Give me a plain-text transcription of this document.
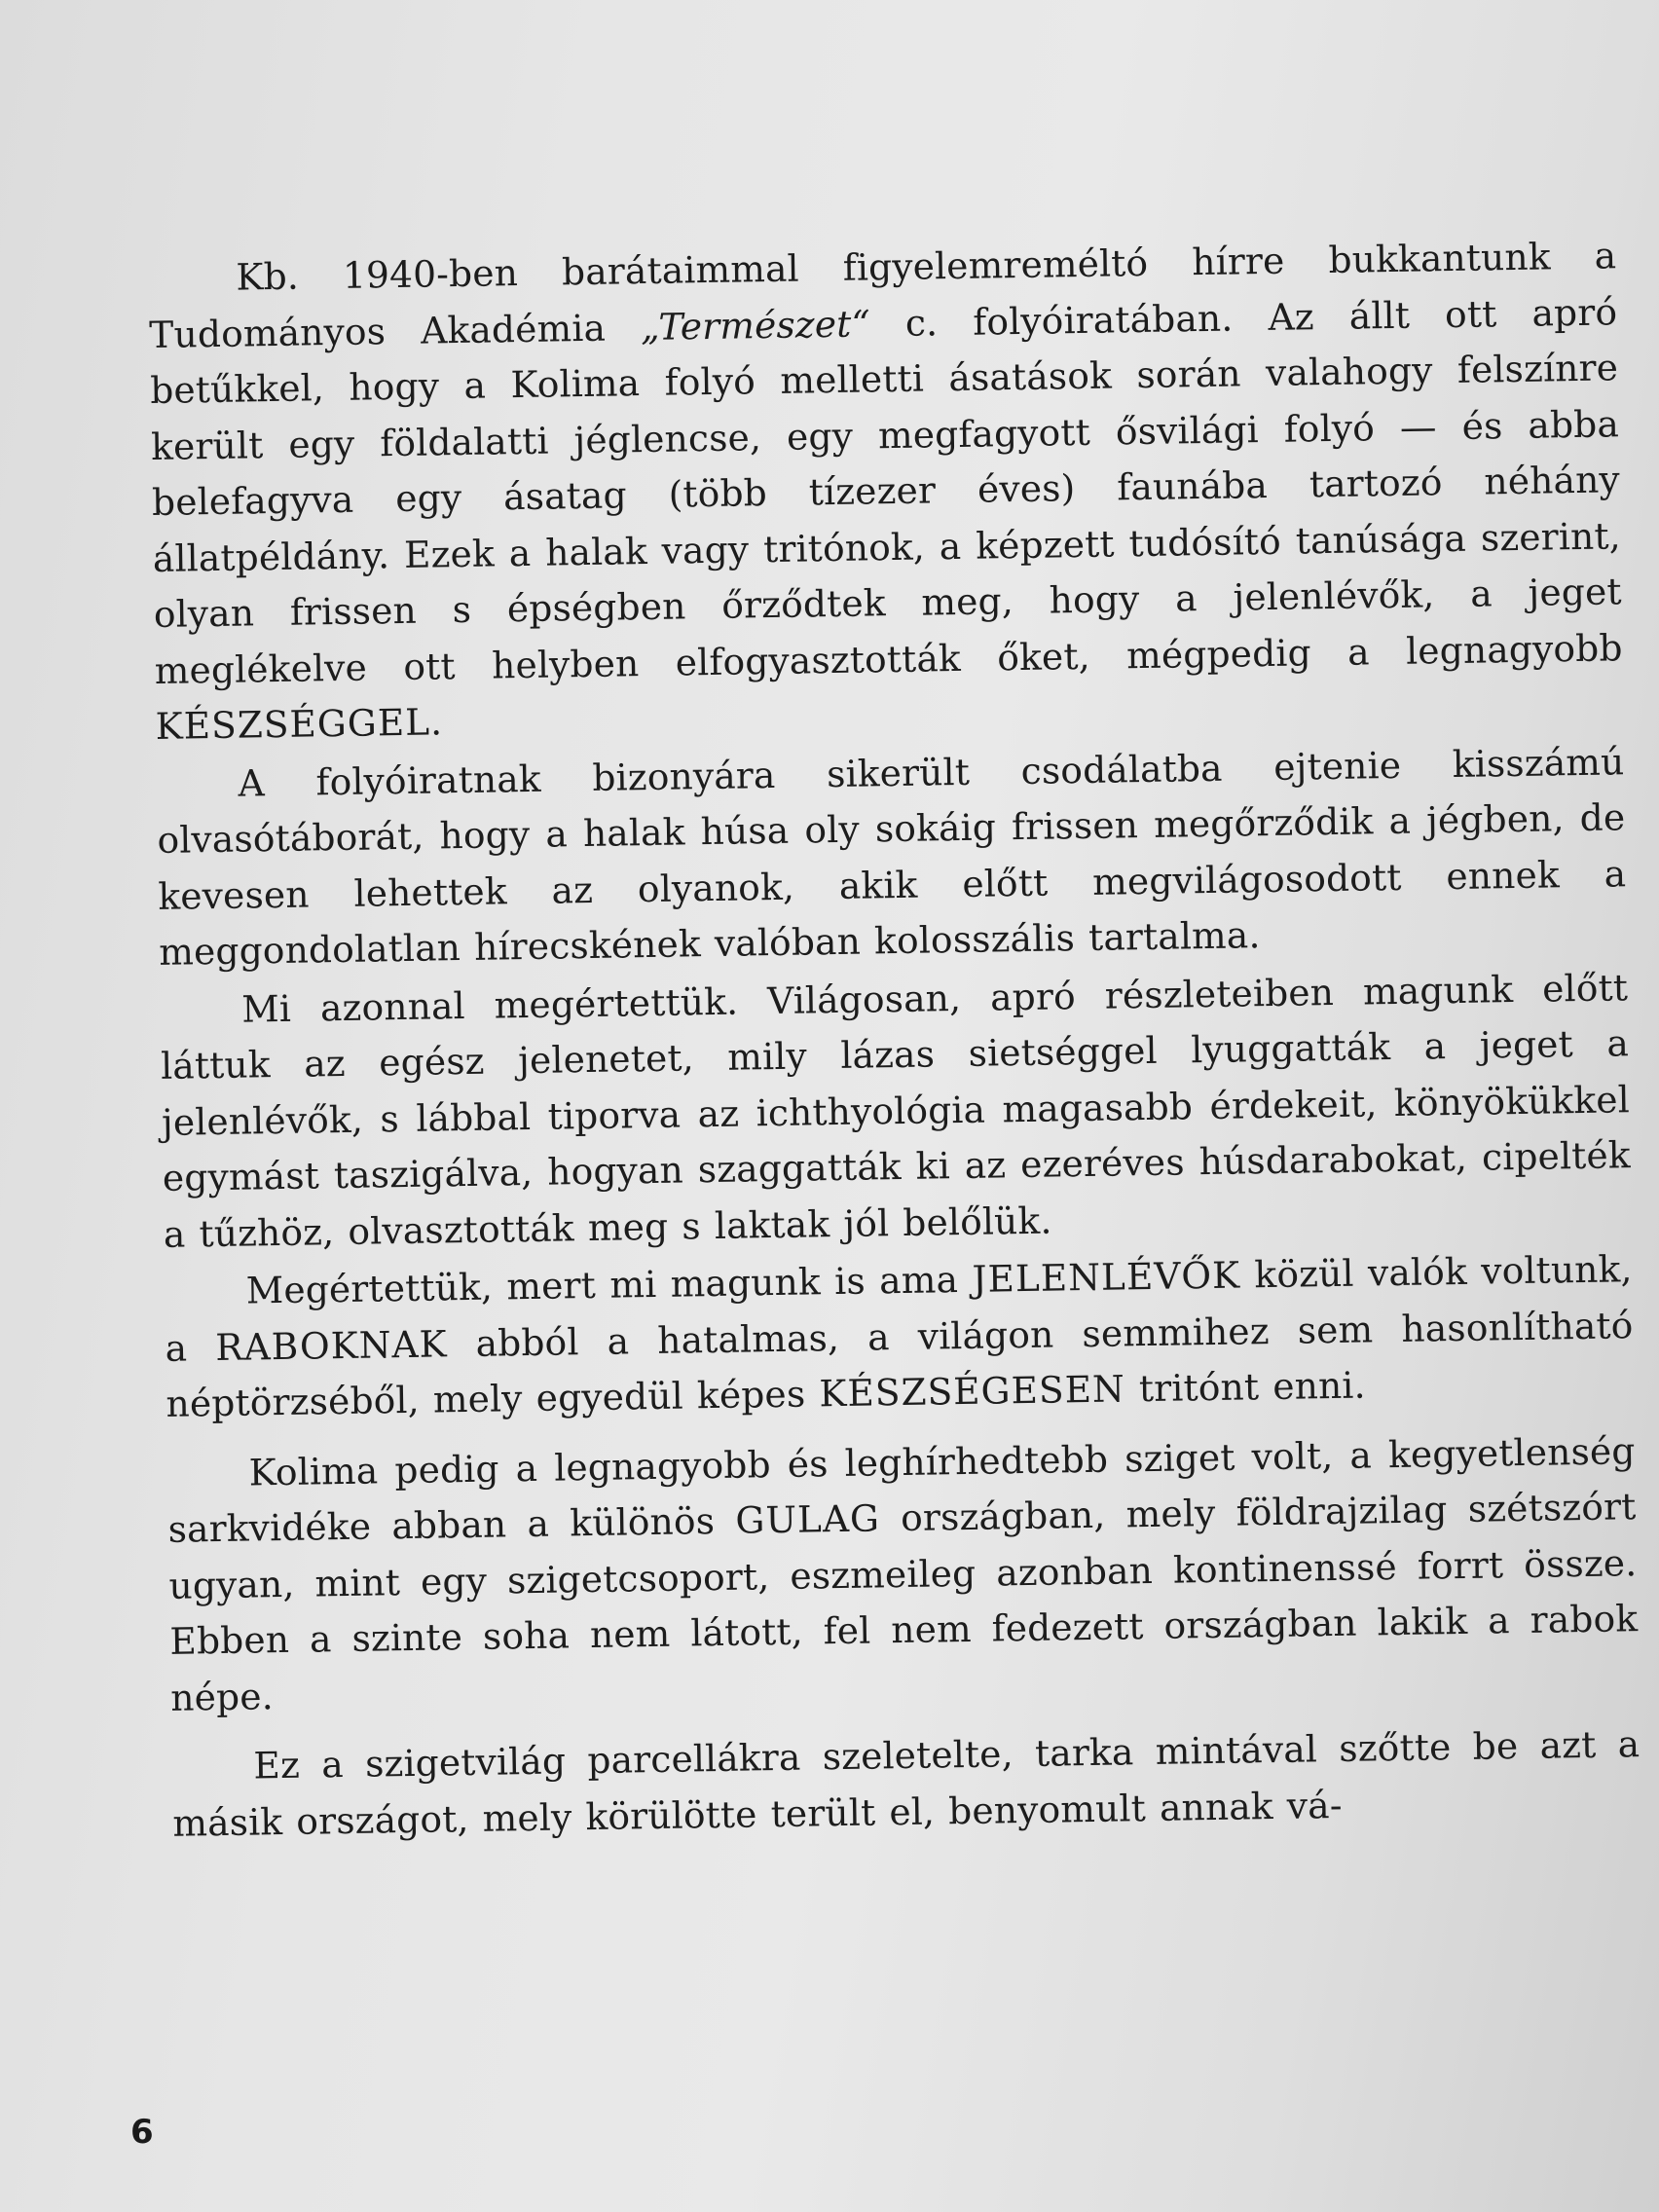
Kb. 1940-ben barátaimmal figyelemreméltó hírre bukkantunk a Tudományos Akadémia „Természet“ c. folyóiratában. Az állt ott apró betűkkel, hogy a Kolima folyó melletti ásatások során valahogy felszínre került egy földalatti jéglencse, egy megfagyott ősvilági folyó — és abba belefagyva egy ásatag (több tízezer éves) faunába tartozó néhány állatpéldány. Ezek a halak vagy tritónok, a képzett tudósító tanúsága szerint, olyan frissen s épségben őrződtek meg, hogy a jelenlévők, a jeget meglékelve ott helyben elfogyasztották őket, mégpedig a legnagyobb KÉSZSÉGGEL.

A folyóiratnak bizonyára sikerült csodálatba ejtenie kisszámú olvasótáborát, hogy a halak húsa oly sokáig frissen megőrződik a jégben, de kevesen lehettek az olyanok, akik előtt megvilágosodott ennek a meggondolatlan hírecskének valóban kolosszális tartalma.

Mi azonnal megértettük. Világosan, apró részleteiben magunk előtt láttuk az egész jelenetet, mily lázas sietséggel lyuggatták a jeget a jelenlévők, s lábbal tiporva az ichthyológia magasabb érdekeit, könyökükkel egymást taszigálva, hogyan szaggatták ki az ezeréves húsdarabokat, cipelték a tűzhöz, olvasztották meg s laktak jól belőlük.

Megértettük, mert mi magunk is ama JELENLÉVŐK közül valók voltunk, a RABOKNAK abból a hatalmas, a világon semmihez sem hasonlítható néptörzséből, mely egyedül képes KÉSZSÉGESEN tritónt enni.

Kolima pedig a legnagyobb és leghírhedtebb sziget volt, a kegyetlenség sarkvidéke abban a különös GULAG országban, mely földrajzilag szétszórt ugyan, mint egy szigetcsoport, eszmeileg azonban kontinenssé forrt össze. Ebben a szinte soha nem látott, fel nem fedezett országban lakik a rabok népe.

Ez a szigetvilág parcellákra szeletelte, tarka mintával szőtte be azt a másik országot, mely körülötte terült el, benyomult annak vá-

6
